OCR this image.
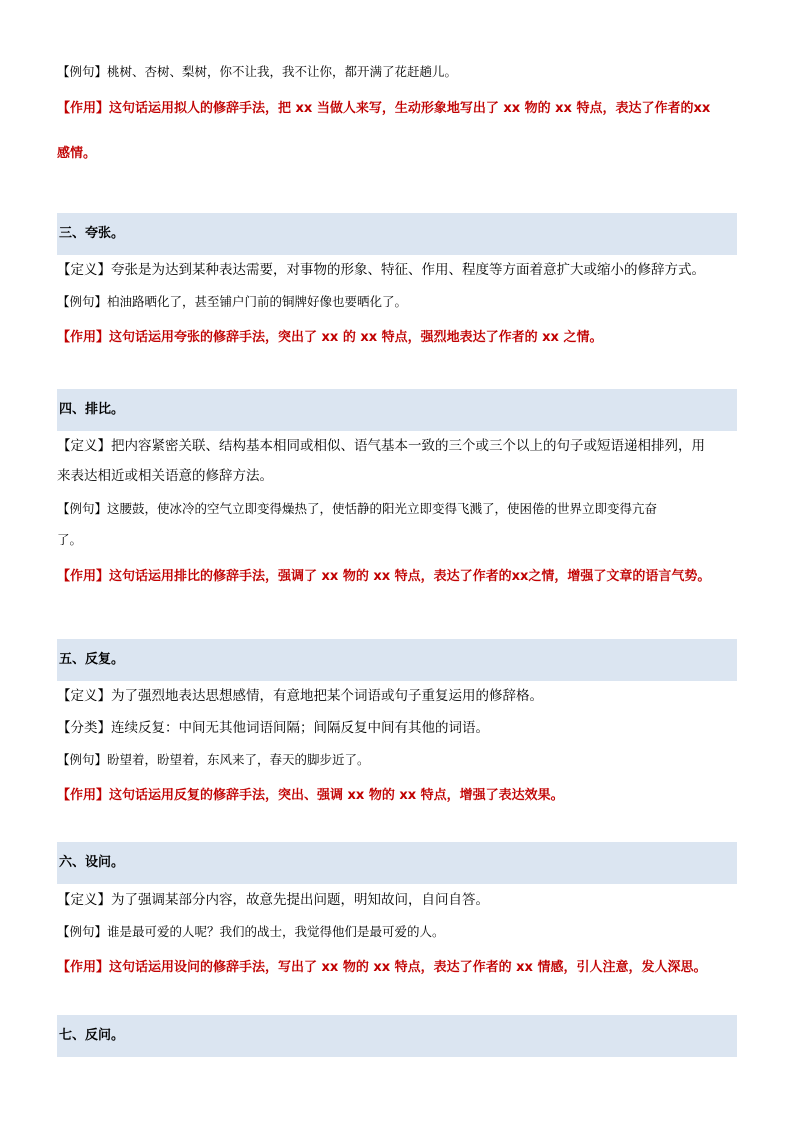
【例句】桃树、杏树、梨树，你不让我，我不让你，都开满了花赶趟儿。
【作用】这句话运用拟人的修辞手法，把 xx 当做人来写，生动形象地写出了 xx 物的 xx 特点，表达了作者的xx
感情。
三、夸张。
【定义】夸张是为达到某种表达需要，对事物的形象、特征、作用、程度等方面着意扩大或缩小的修辞方式。
【例句】柏油路晒化了，甚至铺户门前的铜牌好像也要晒化了。
【作用】这句话运用夸张的修辞手法，突出了 xx 的 xx 特点，强烈地表达了作者的 xx 之情。
四、排比。
【定义】把内容紧密关联、结构基本相同或相似、语气基本一致的三个或三个以上的句子或短语递相排列，用
来表达相近或相关语意的修辞方法。
【例句】这腰鼓，使冰冷的空气立即变得燥热了，使恬静的阳光立即变得飞溅了，使困倦的世界立即变得亢奋
了。
【作用】这句话运用排比的修辞手法，强调了 xx 物的 xx 特点，表达了作者的xx之情，增强了文章的语言气势。
五、反复。
【定义】为了强烈地表达思想感情，有意地把某个词语或句子重复运用的修辞格。
【分类】连续反复：中间无其他词语间隔；间隔反复中间有其他的词语。
【例句】盼望着，盼望着，东风来了，春天的脚步近了。
【作用】这句话运用反复的修辞手法，突出、强调 xx 物的 xx 特点，增强了表达效果。
六、设问。
【定义】为了强调某部分内容，故意先提出问题，明知故问，自问自答。
【例句】谁是最可爱的人呢？我们的战士，我觉得他们是最可爱的人。
【作用】这句话运用设问的修辞手法，写出了 xx 物的 xx 特点，表达了作者的 xx 情感，引人注意，发人深思。
七、反问。
